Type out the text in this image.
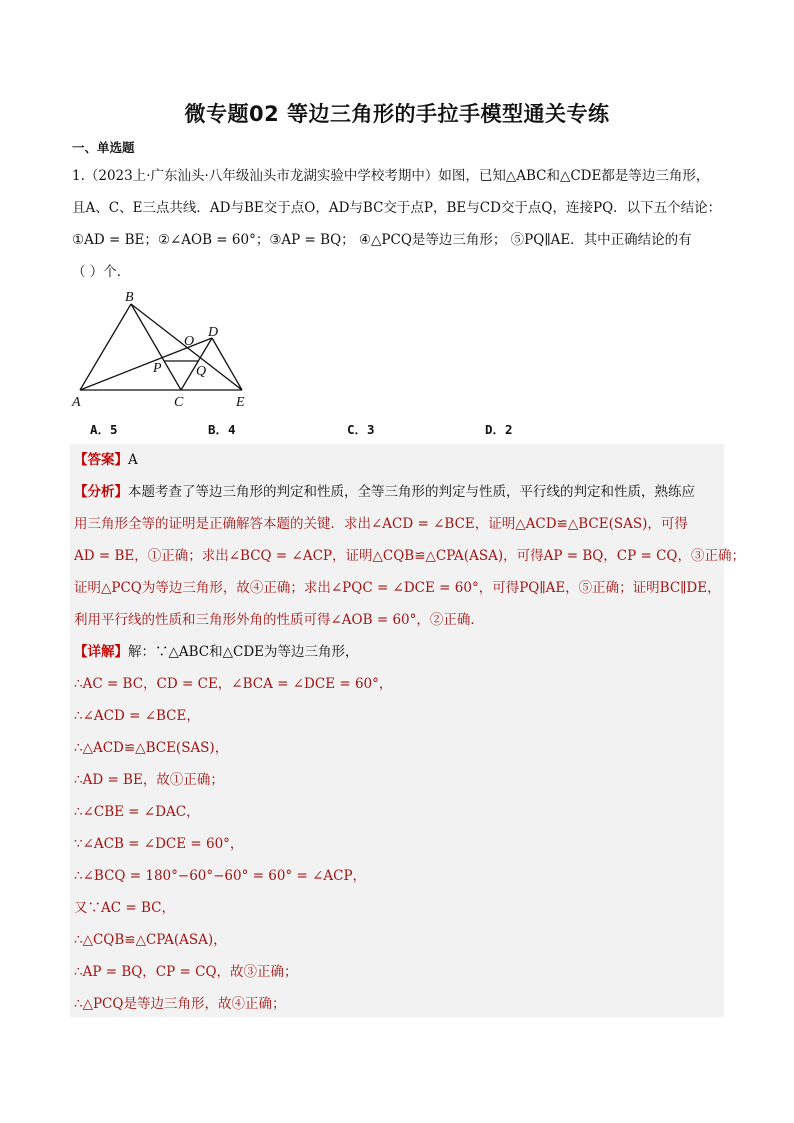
微专题02 等边三角形的手拉手模型通关专练
一、单选题
1.（2023上·广东汕头·八年级汕头市龙湖实验中学校考期中）如图，已知△ABC和△CDE都是等边三角形，
且A、C、E三点共线．AD与BE交于点O，AD与BC交于点P，BE与CD交于点Q，连接PQ．以下五个结论：
①AD = BE；②∠AOB = 60°；③AP = BQ； ④△PCQ是等边三角形； ⑤PQ∥AE．其中正确结论的有
（ ）个．
B
O
D
P Q
A	C	E
A．5	B．4	C．3	D．2
【答案】A
【分析】本题考查了等边三角形的判定和性质，全等三角形的判定与性质，平行线的判定和性质，熟练应
用三角形全等的证明是正确解答本题的关键．求出∠ACD = ∠BCE，证明△ACD≌△BCE(SAS)，可得
AD = BE，①正确；求出∠BCQ = ∠ACP，证明△CQB≌△CPA(ASA)，可得AP = BQ，CP = CQ，③正确；
证明△PCQ为等边三角形，故④正确；求出∠PQC = ∠DCE = 60°，可得PQ∥AE，⑤正确；证明BC∥DE，
利用平行线的性质和三角形外角的性质可得∠AOB = 60°，②正确．
【详解】解：∵△ABC和△CDE为等边三角形，
∴AC = BC，CD = CE，∠BCA = ∠DCE = 60°，
∴∠ACD = ∠BCE，
∴△ACD≌△BCE(SAS)，
∴AD = BE，故①正确；
∴∠CBE = ∠DAC，
∵∠ACB = ∠DCE = 60°，
∴∠BCQ = 180°−60°−60° = 60° = ∠ACP，
又∵AC = BC，
∴△CQB≌△CPA(ASA)，
∴AP = BQ，CP = CQ，故③正确；
∴△PCQ是等边三角形，故④正确；
